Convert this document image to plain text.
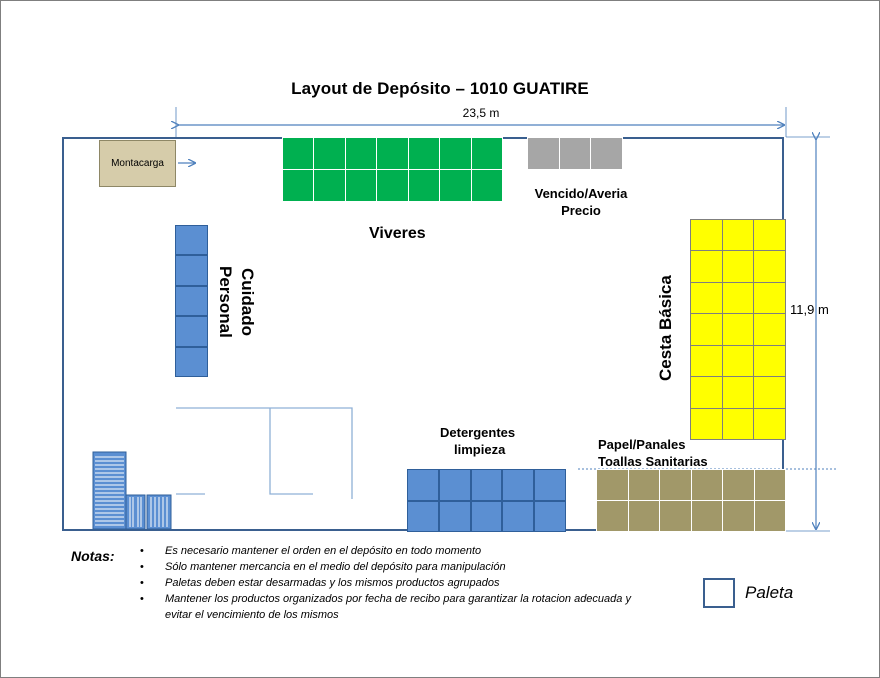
Layout de Depósito – 1010 GUATIRE
23,5 m
11,9 m
Montacarga
Viveres
Vencido/Averia
Precio
Cuidado
Personal	Cesta Básica
Detergentes
limpieza	Papel/Panales
Toallas Sanitarias
Notas:
•	Es necesario mantener el orden en el depósito en todo momento
• Sólo mantener mercancia en el medio del depósito para manipulación
• Paletas deben estar desarmadas y los mismos productos agrupados
• Mantener los productos organizados por fecha de recibo para garantizar la rotacion adecuada y evitar el vencimiento de los mismos
Paleta
